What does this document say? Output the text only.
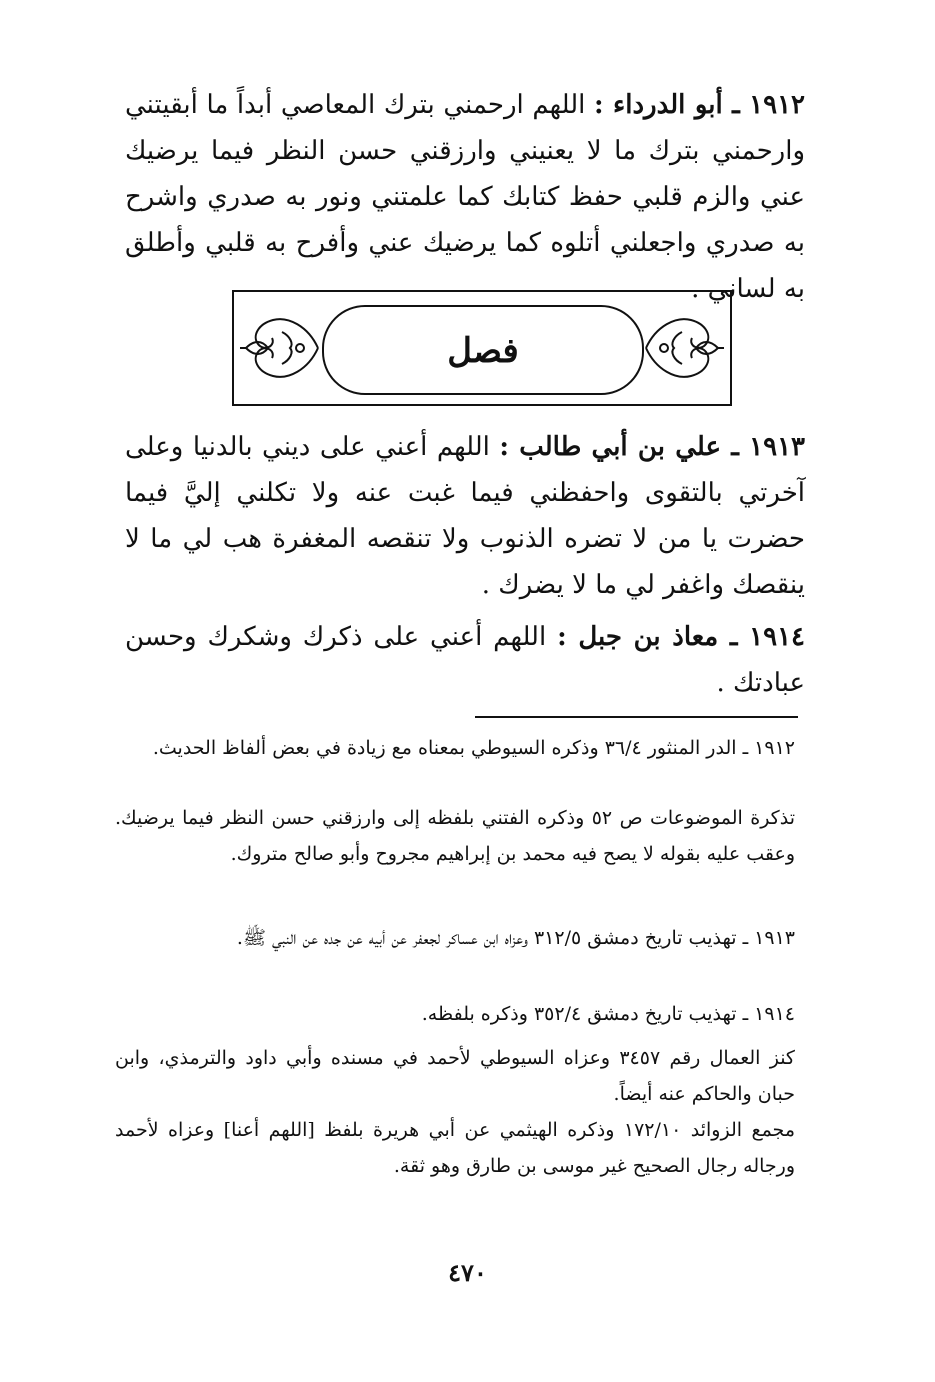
١٩١٢ ـ أبو الدرداء : اللهم ارحمني بترك المعاصي أبداً ما أبقيتني وارحمني بترك ما لا يعنيني وارزقني حسن النظر فيما يرضيك عني والزم قلبي حفظ كتابك كما علمتني ونور به صدري واشرح به صدري واجعلني أتلوه كما يرضيك عني وأفرح به قلبي وأطلق به لساني .

فصل

١٩١٣ ـ علي بن أبي طالب : اللهم أعني على ديني بالدنيا وعلى آخرتي بالتقوى واحفظني فيما غبت عنه ولا تكلني إليَّ فيما حضرت يا من لا تضره الذنوب ولا تنقصه المغفرة هب لي ما لا ينقصك واغفر لي ما لا يضرك .

١٩١٤ ـ معاذ بن جبل : اللهم أعني على ذكرك وشكرك وحسن عبادتك .

١٩١٢ ـ الدر المنثور ٣٦/٤ وذكره السيوطي بمعناه مع زيادة في بعض ألفاظ الحديث.

تذكرة الموضوعات ص ٥٢ وذكره الفتني بلفظه إلى وارزقني حسن النظر فيما يرضيك. وعقب عليه بقوله لا يصح فيه محمد بن إبراهيم مجروح وأبو صالح متروك.

١٩١٣ ـ تهذيب تاريخ دمشق ٣١٢/٥ وعزاه ابن عساكر لجعفر عن أبيه عن جده عن النبي ﷺ.

١٩١٤ ـ تهذيب تاريخ دمشق ٣٥٢/٤ وذكره بلفظه.

كنز العمال رقم ٣٤٥٧ وعزاه السيوطي لأحمد في مسنده وأبي داود والترمذي، وابن حبان والحاكم عنه أيضاً.

مجمع الزوائد ١٧٢/١٠ وذكره الهيثمي عن أبي هريرة بلفظ [اللهم أعنا] وعزاه لأحمد ورجاله رجال الصحيح غير موسى بن طارق وهو ثقة.

٤٧٠
